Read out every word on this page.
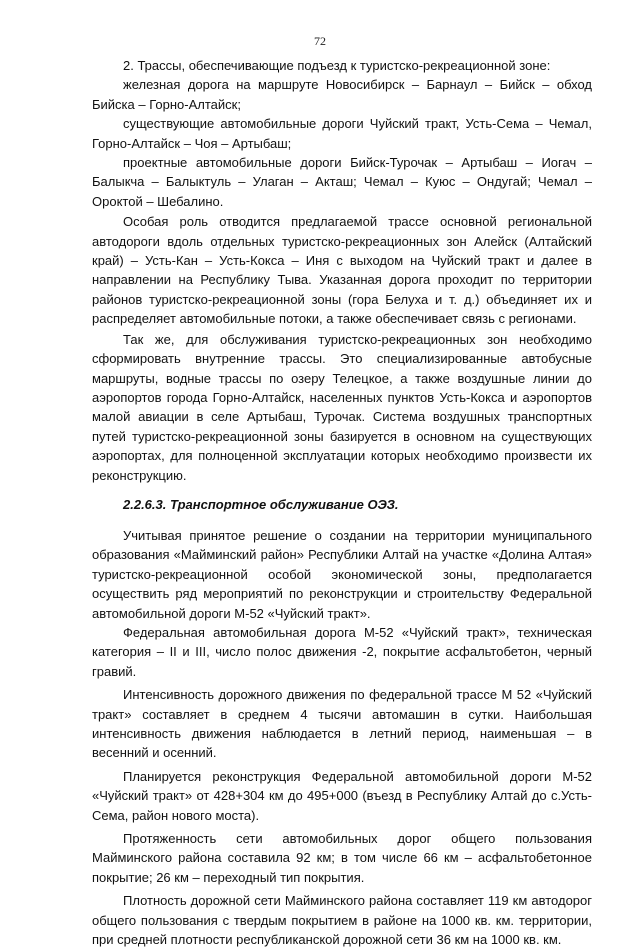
72

2. Трассы, обеспечивающие подъезд к туристско-рекреационной зоне:

железная дорога на маршруте Новосибирск – Барнаул – Бийск – обход Бийска – Горно-Алтайск;

существующие автомобильные дороги Чуйский тракт, Усть-Сема – Чемал, Горно-Алтайск – Чоя – Артыбаш;

проектные автомобильные дороги Бийск-Турочак – Артыбаш – Иогач – Балыкча – Балыктуль – Улаган – Акташ; Чемал – Куюс – Ондугай; Чемал – Ороктой – Шебалино.

Особая роль отводится предлагаемой трассе основной региональной автодороги вдоль отдельных туристско-рекреационных зон Алейск (Алтайский край) – Усть-Кан – Усть-Кокса – Иня с выходом на Чуйский тракт и далее в направлении на Республику Тыва. Указанная дорога проходит по территории районов туристско-рекреационной зоны (гора Белуха и т. д.) объединяет их и распределяет автомобильные потоки, а также обеспечивает связь с регионами.

Так же, для обслуживания туристско-рекреационных зон необходимо сформировать внутренние трассы. Это специализированные автобусные маршруты, водные трассы по озеру Телецкое, а также воздушные линии до аэропортов города Горно-Алтайск, населенных пунктов Усть-Кокса и аэропортов малой авиации в селе Артыбаш, Турочак. Система воздушных транспортных путей туристско-рекреационной зоны базируется в основном на существующих аэропортах, для полноценной эксплуатации которых необходимо произвести их реконструкцию.

2.2.6.3. Транспортное обслуживание ОЭЗ.

Учитывая принятое решение о создании на территории муниципального образования «Майминский район» Республики Алтай на участке «Долина Алтая» туристско-рекреационной особой экономической зоны, предполагается осуществить ряд мероприятий по реконструкции и строительству Федеральной автомобильной дороги М-52 «Чуйский тракт».

Федеральная автомобильная дорога М-52 «Чуйский тракт», техническая категория – II и III, число полос движения -2, покрытие асфальтобетон, черный гравий.

Интенсивность дорожного движения по федеральной трассе М 52 «Чуйский тракт» составляет в среднем 4 тысячи автомашин в сутки. Наибольшая интенсивность движения наблюдается в летний период, наименьшая – в весенний и осенний.

Планируется реконструкция Федеральной автомобильной дороги М-52 «Чуйский тракт» от 428+304 км до 495+000 (въезд в Республику Алтай до с.Усть-Сема, район нового моста).

Протяженность сети автомобильных дорог общего пользования Майминского района составила 92 км; в том числе 66 км – асфальтобетонное покрытие; 26 км – переходный тип покрытия.

Плотность дорожной сети Майминского района составляет 119 км автодорог общего пользования с твердым покрытием в районе на 1000 кв. км. территории, при средней плотности республиканской дорожной сети 36 км на 1000 кв. км.
